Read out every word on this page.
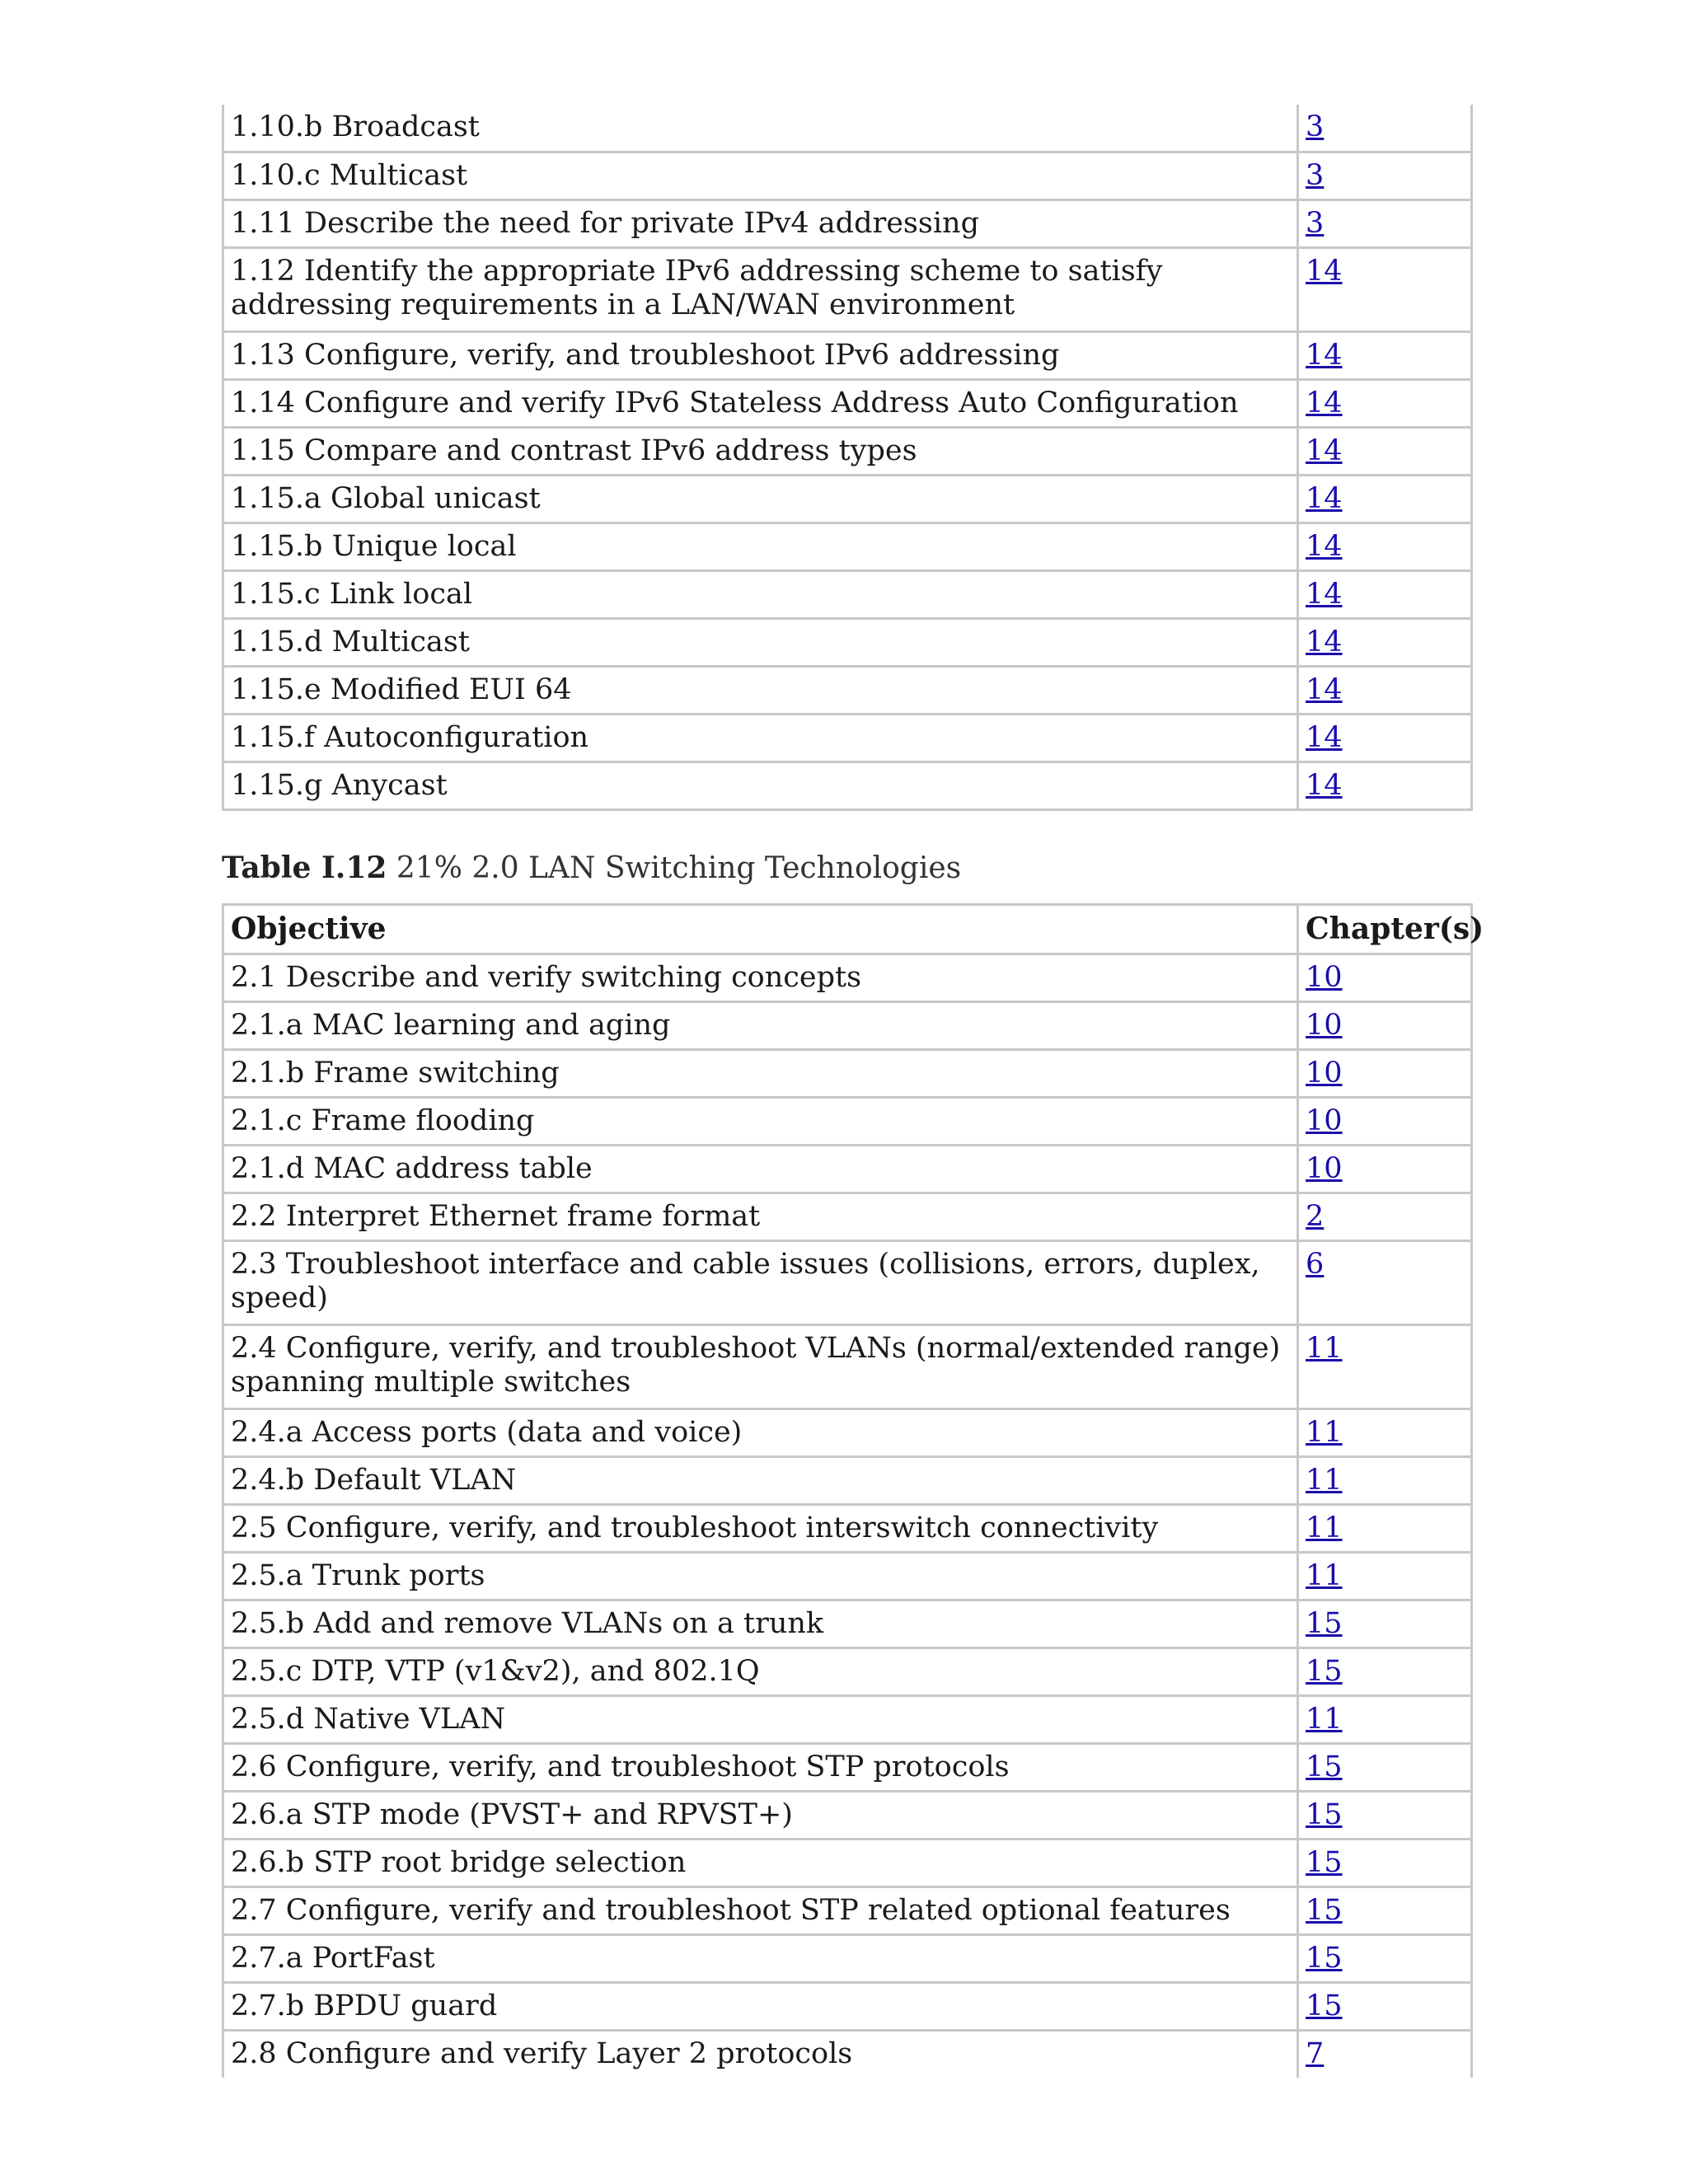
1.10.b Broadcast	3
1.10.c Multicast	3
1.11 Describe the need for private IPv4 addressing	3
1.12 Identify the appropriate IPv6 addressing scheme to satisfy addressing requirements in a LAN/WAN environment	14
1.13 Configure, verify, and troubleshoot IPv6 addressing	14
1.14 Configure and verify IPv6 Stateless Address Auto Configuration	14
1.15 Compare and contrast IPv6 address types	14
1.15.a Global unicast	14
1.15.b Unique local	14
1.15.c Link local	14
1.15.d Multicast	14
1.15.e Modified EUI 64	14
1.15.f Autoconfiguration	14
1.15.g Anycast	14
Table I.12 21% 2.0 LAN Switching Technologies
Objective	Chapter(s)
2.1 Describe and verify switching concepts	10
2.1.a MAC learning and aging	10
2.1.b Frame switching	10
2.1.c Frame flooding	10
2.1.d MAC address table	10
2.2 Interpret Ethernet frame format	2
2.3 Troubleshoot interface and cable issues (collisions, errors, duplex, speed)	6
2.4 Configure, verify, and troubleshoot VLANs (normal/extended range) spanning multiple switches	11
2.4.a Access ports (data and voice)	11
2.4.b Default VLAN	11
2.5 Configure, verify, and troubleshoot interswitch connectivity	11
2.5.a Trunk ports	11
2.5.b Add and remove VLANs on a trunk	15
2.5.c DTP, VTP (v1&v2), and 802.1Q	15
2.5.d Native VLAN	11
2.6 Configure, verify, and troubleshoot STP protocols	15
2.6.a STP mode (PVST+ and RPVST+)	15
2.6.b STP root bridge selection	15
2.7 Configure, verify and troubleshoot STP related optional features	15
2.7.a PortFast	15
2.7.b BPDU guard	15
2.8 Configure and verify Layer 2 protocols	7
